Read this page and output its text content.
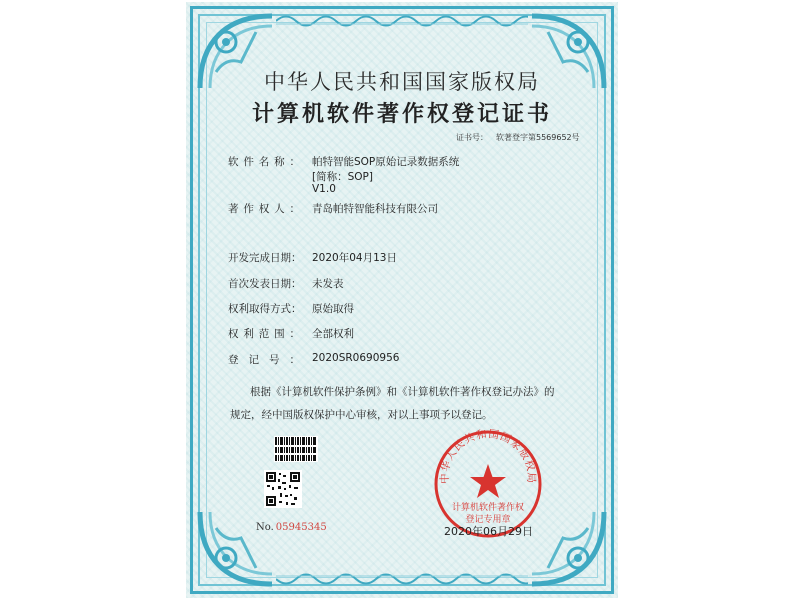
中华人民共和国国家版权局
计算机软件著作权登记证书
证书号： 软著登字第5569652号
软件名称： 帕特智能SOP原始记录数据系统
[简称：SOP]
V1.0
著作权人： 青岛帕特智能科技有限公司
开发完成日期： 2020年04月13日
首次发表日期： 未发表
权利取得方式： 原始取得
权利范围： 全部权利
登记号： 2020SR0690956
根据《计算机软件保护条例》和《计算机软件著作权登记办法》的
规定，经中国版权保护中心审核，对以上事项予以登记。
No. 05945345
中华人民共和国国家版权局
计算机软件著作权
登记专用章
2020年06月29日
